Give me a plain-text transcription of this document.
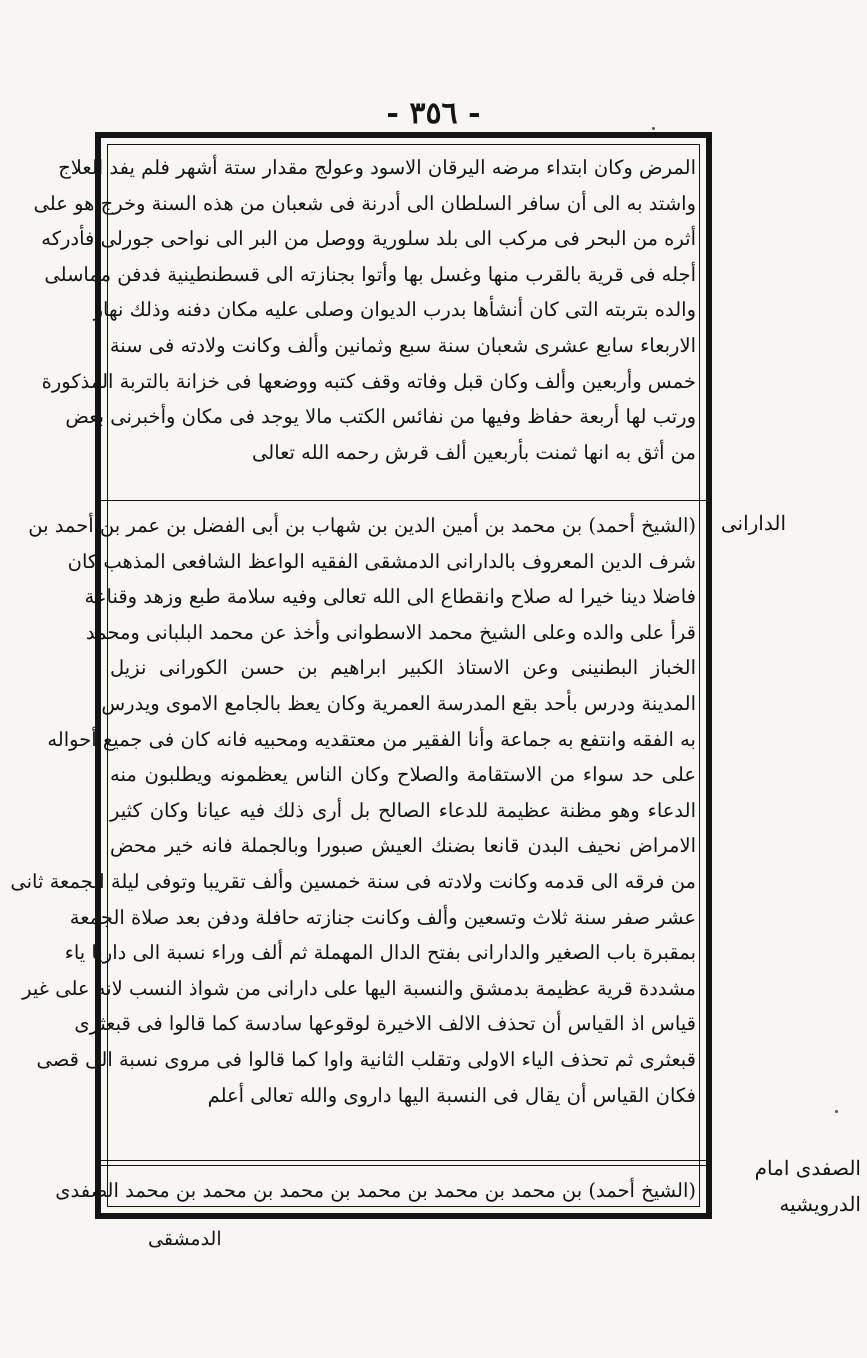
- ٣٥٦ -
المرض وكان ابتداء مرضه اليرقان الاسود وعولج مقدار ستة أشهر فلم يفد العلاج
واشتد به الى أن سافر السلطان الى أدرنة فى شعبان من هذه السنة وخرج هو على
أثره من البحر فى مركب الى بلد سلورية ووصل من البر الى نواحى جورلى فأدركه
أجله فى قرية بالقرب منها وغسل بها وأتوا بجنازته الى قسطنطينية فدفن مماسلى
والده بتربته التى كان أنشأها بدرب الديوان وصلى عليه مكان دفنه وذلك نهار
الاربعاء سابع عشرى شعبان سنة سبع وثمانين وألف وكانت ولادته فى سنة
خمس وأربعين وألف وكان قبل وفاته وقف كتبه ووضعها فى خزانة بالتربة المذكورة
ورتب لها أربعة حفاظ وفيها من نفائس الكتب مالا يوجد فى مكان وأخبرنى بعض
من أثق به انها ثمنت بأربعين ألف قرش رحمه الله تعالى
(الشيخ أحمد) بن محمد بن أمين الدين بن شهاب بن أبى الفضل بن عمر بن أحمد بن
شرف الدين المعروف بالدارانى الدمشقى الفقيه الواعظ الشافعى المذهب كان
فاضلا دينا خيرا له صلاح وانقطاع الى الله تعالى وفيه سلامة طبع وزهد وقناعة
قرأ على والده وعلى الشيخ محمد الاسطوانى وأخذ عن محمد البلبانى ومحمد
الخباز البطنينى وعن الاستاذ الكبير ابراهيم بن حسن الكورانى نزيل
المدينة ودرس بأحد بقع المدرسة العمرية وكان يعظ بالجامع الاموى ويدرس
به الفقه وانتفع به جماعة وأنا الفقير من معتقديه ومحبيه فانه كان فى جميع أحواله
على حد سواء من الاستقامة والصلاح وكان الناس يعظمونه ويطلبون منه
الدعاء وهو مظنة عظيمة للدعاء الصالح بل أرى ذلك فيه عيانا وكان كثير
الامراض نحيف البدن قانعا بضنك العيش صبورا وبالجملة فانه خير محض
من فرقه الى قدمه وكانت ولادته فى سنة خمسين وألف تقريبا وتوفى ليلة الجمعة ثانى
عشر صفر سنة ثلاث وتسعين وألف وكانت جنازته حافلة ودفن بعد صلاة الجمعة
بمقبرة باب الصغير والدارانى بفتح الدال المهملة ثم ألف وراء نسبة الى داريا ياء
مشددة قرية عظيمة بدمشق والنسبة اليها على دارانى من شواذ النسب لانه على غير
قياس اذ القياس أن تحذف الالف الاخيرة لوقوعها سادسة كما قالوا فى قبعثرى
قبعثرى ثم تحذف الياء الاولى وتقلب الثانية واوا كما قالوا فى مروى نسبة الى قصى
فكان القياس أن يقال فى النسبة اليها داروى والله تعالى أعلم
(الشيخ أحمد) بن محمد بن محمد بن محمد بن محمد بن محمد بن محمد الصفدى
الدارانى
الصفدى امام
الدرويشيه
الدمشقى
